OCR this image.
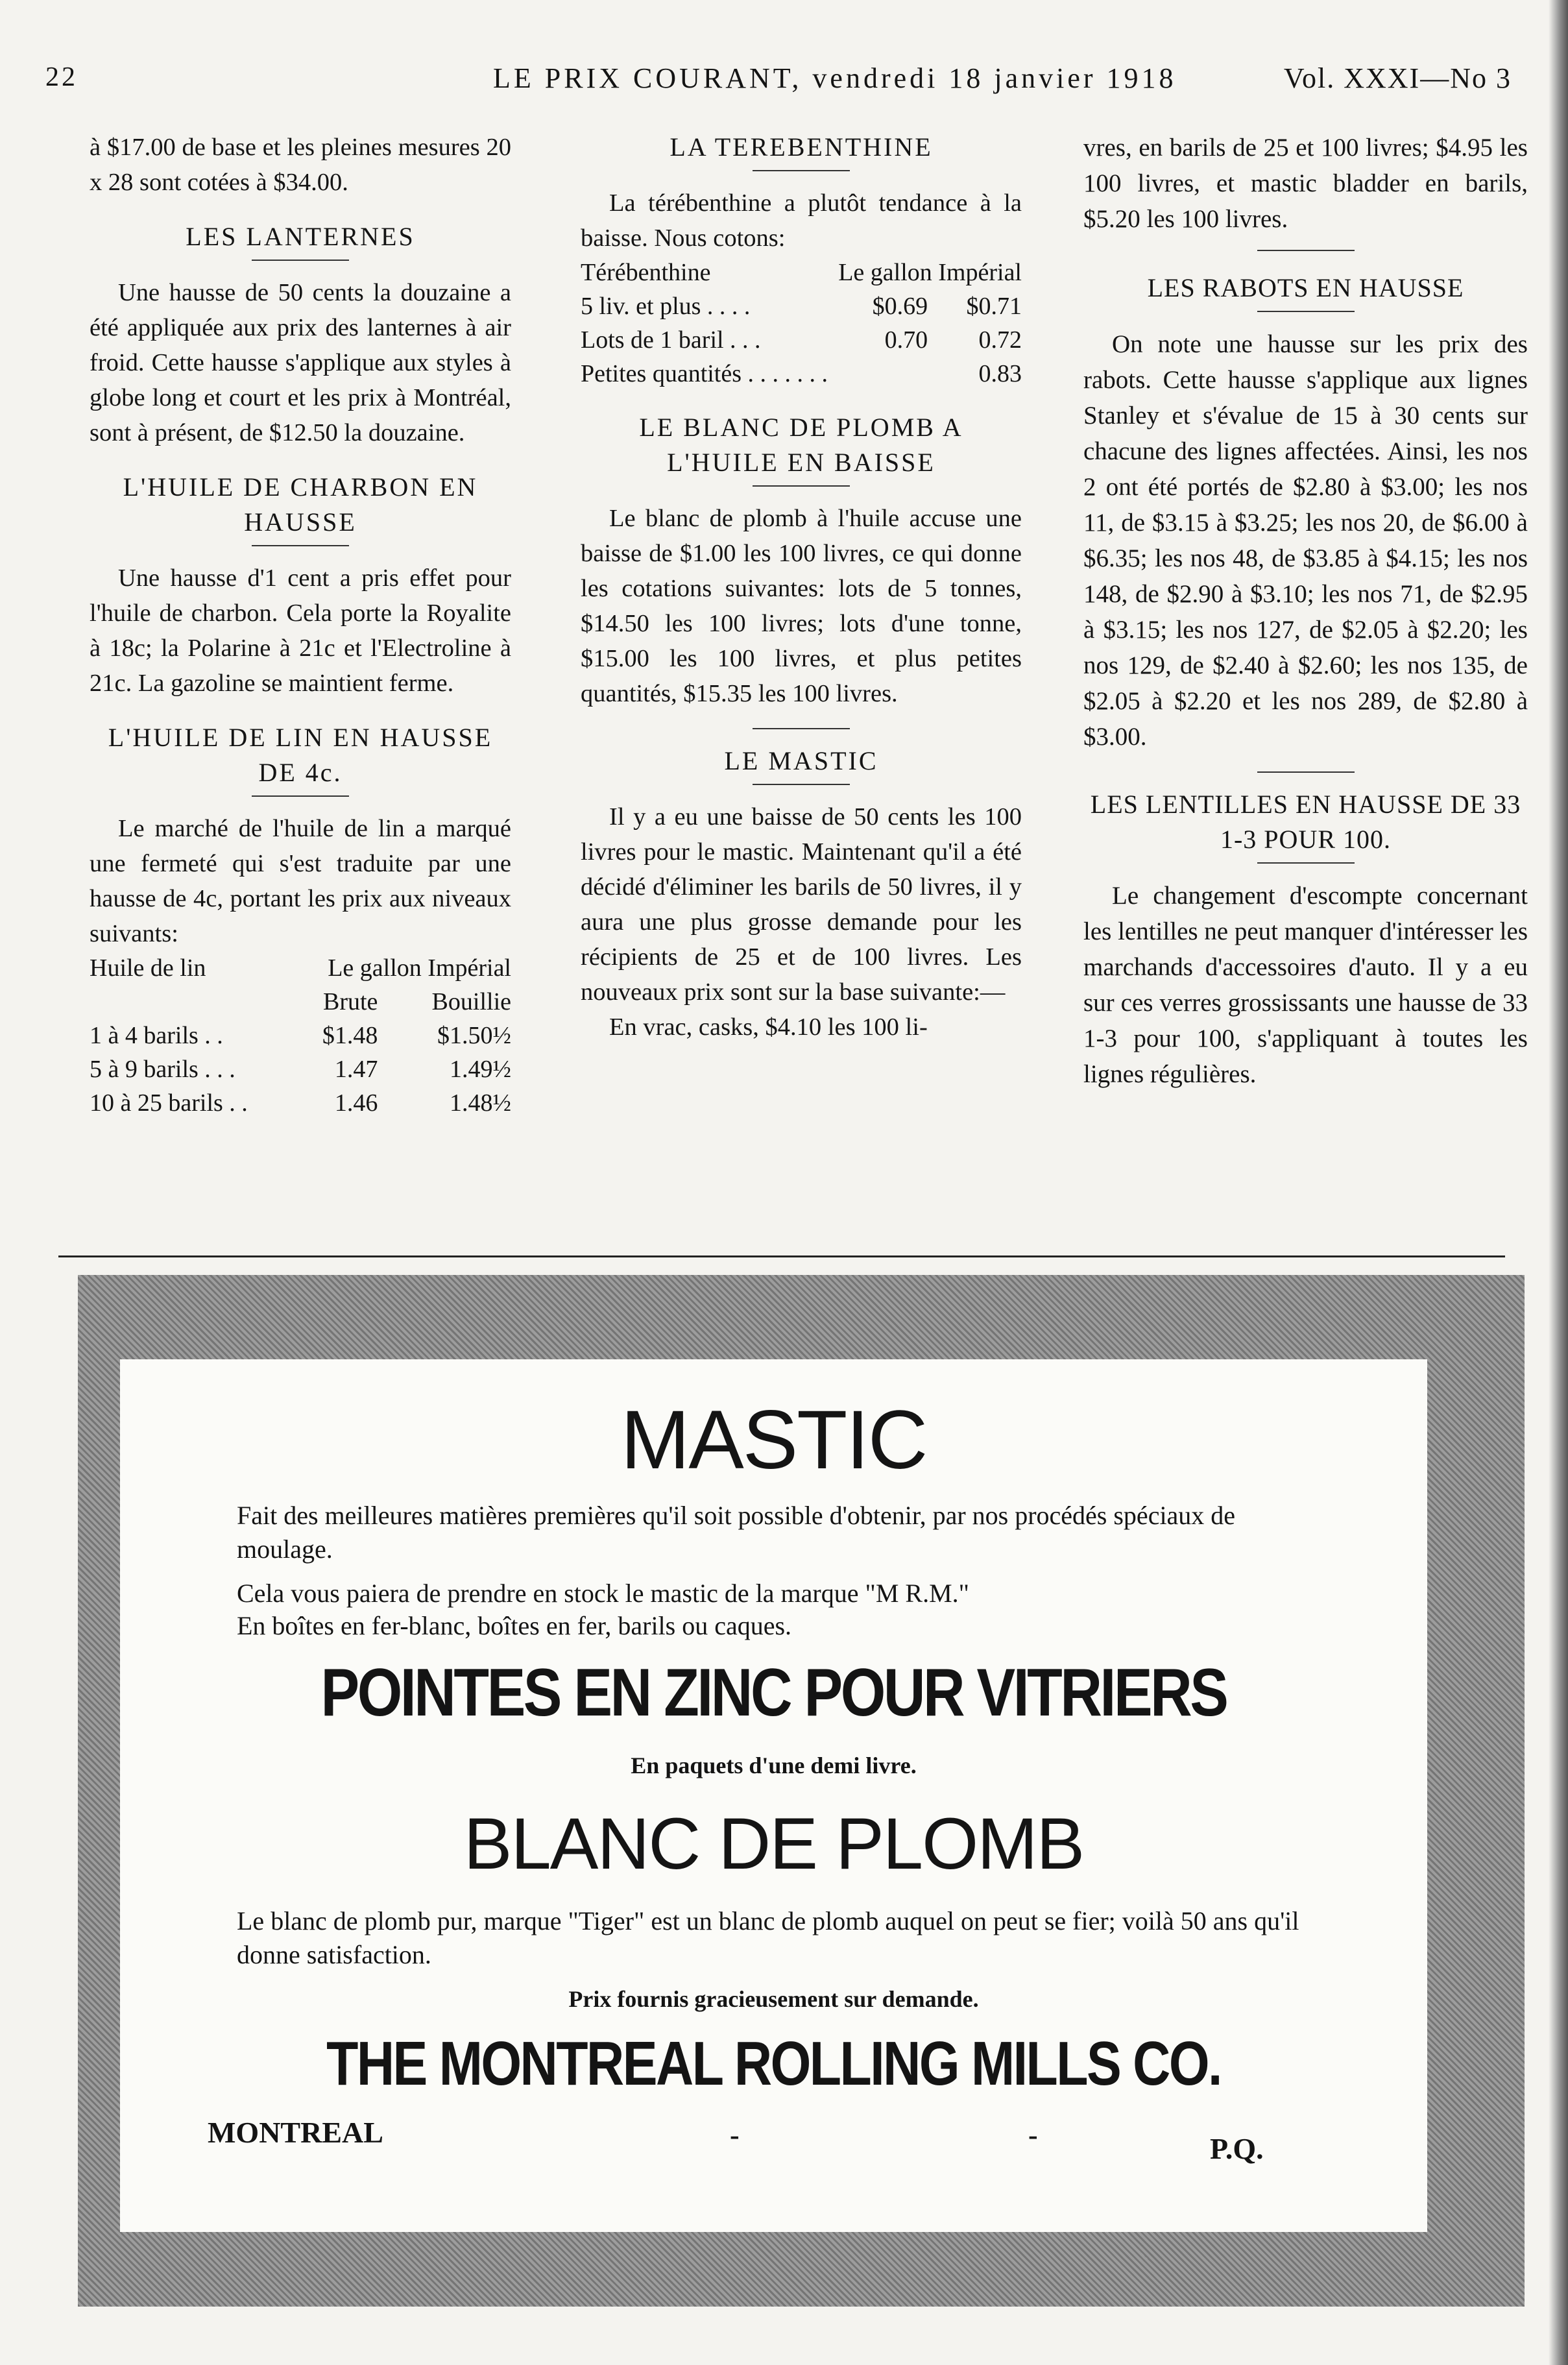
22	LE PRIX COURANT, vendredi 18 janvier 1918	Vol. XXXI—No 3

à $17.00 de base et les pleines mesures 20 x 28 sont cotées à $34.00.

LES LANTERNES

Une hausse de 50 cents la douzaine a été appliquée aux prix des lanternes à air froid. Cette hausse s'applique aux styles à globe long et court et les prix à Montréal, sont à présent, de $12.50 la douzaine.

L'HUILE DE CHARBON EN HAUSSE

Une hausse d'1 cent a pris effet pour l'huile de charbon. Cela porte la Royalite à 18c; la Polarine à 21c et l'Electroline à 21c. La gazoline se maintient ferme.

L'HUILE DE LIN EN HAUSSE DE 4c.

Le marché de l'huile de lin a marqué une fermeté qui s'est traduite par une hausse de 4c, portant les prix aux niveaux suivants:

Huile de lin	Le gallon Impérial	
	Brute	Bouillie
1 à 4 barils . .	$1.48	$1.50½
5 à 9 barils . . .	1.47	1.49½
10 à 25 barils . .	1.46	1.48½
LA TEREBENTHINE

La térébenthine a plutôt tendance à la baisse. Nous cotons:

Térébenthine	Le gallon Impérial	
5 liv. et plus . . . .	$0.69	$0.71
Lots de 1 baril . . .	0.70	0.72
Petites quantités . . . . . . .		0.83
LE BLANC DE PLOMB A L'HUILE EN BAISSE

Le blanc de plomb à l'huile accuse une baisse de $1.00 les 100 livres, ce qui donne les cotations suivantes: lots de 5 tonnes, $14.50 les 100 livres; lots d'une tonne, $15.00 les 100 livres, et plus petites quantités, $15.35 les 100 livres.

LE MASTIC

Il y a eu une baisse de 50 cents les 100 livres pour le mastic. Maintenant qu'il a été décidé d'éliminer les barils de 50 livres, il y aura une plus grosse demande pour les récipients de 25 et de 100 livres. Les nouveaux prix sont sur la base suivante:—

En vrac, casks, $4.10 les 100 li-

vres, en barils de 25 et 100 livres; $4.95 les 100 livres, et mastic bladder en barils, $5.20 les 100 livres.

LES RABOTS EN HAUSSE

On note une hausse sur les prix des rabots. Cette hausse s'applique aux lignes Stanley et s'évalue de 15 à 30 cents sur chacune des lignes affectées. Ainsi, les nos 2 ont été portés de $2.80 à $3.00; les nos 11, de $3.15 à $3.25; les nos 20, de $6.00 à $6.35; les nos 48, de $3.85 à $4.15; les nos 148, de $2.90 à $3.10; les nos 71, de $2.95 à $3.15; les nos 127, de $2.05 à $2.20; les nos 129, de $2.40 à $2.60; les nos 135, de $2.05 à $2.20 et les nos 289, de $2.80 à $3.00.

LES LENTILLES EN HAUSSE DE 33 1-3 POUR 100.

Le changement d'escompte concernant les lentilles ne peut manquer d'intéresser les marchands d'accessoires d'auto. Il y a eu sur ces verres grossissants une hausse de 33 1-3 pour 100, s'appliquant à toutes les lignes régulières.

MASTIC
Fait des meilleures matières premières qu'il soit possible d'obtenir, par nos procédés spéciaux de moulage.
Cela vous paiera de prendre en stock le mastic de la marque "M R.M."
En boîtes en fer-blanc, boîtes en fer, barils ou caques.
POINTES EN ZINC POUR VITRIERS
En paquets d'une demi livre.
BLANC DE PLOMB
Le blanc de plomb pur, marque "Tiger" est un blanc de plomb auquel on peut se fier; voilà 50 ans qu'il donne satisfaction.
Prix fournis gracieusement sur demande.
THE MONTREAL ROLLING MILLS CO.
MONTREAL	-	-	P.Q.
